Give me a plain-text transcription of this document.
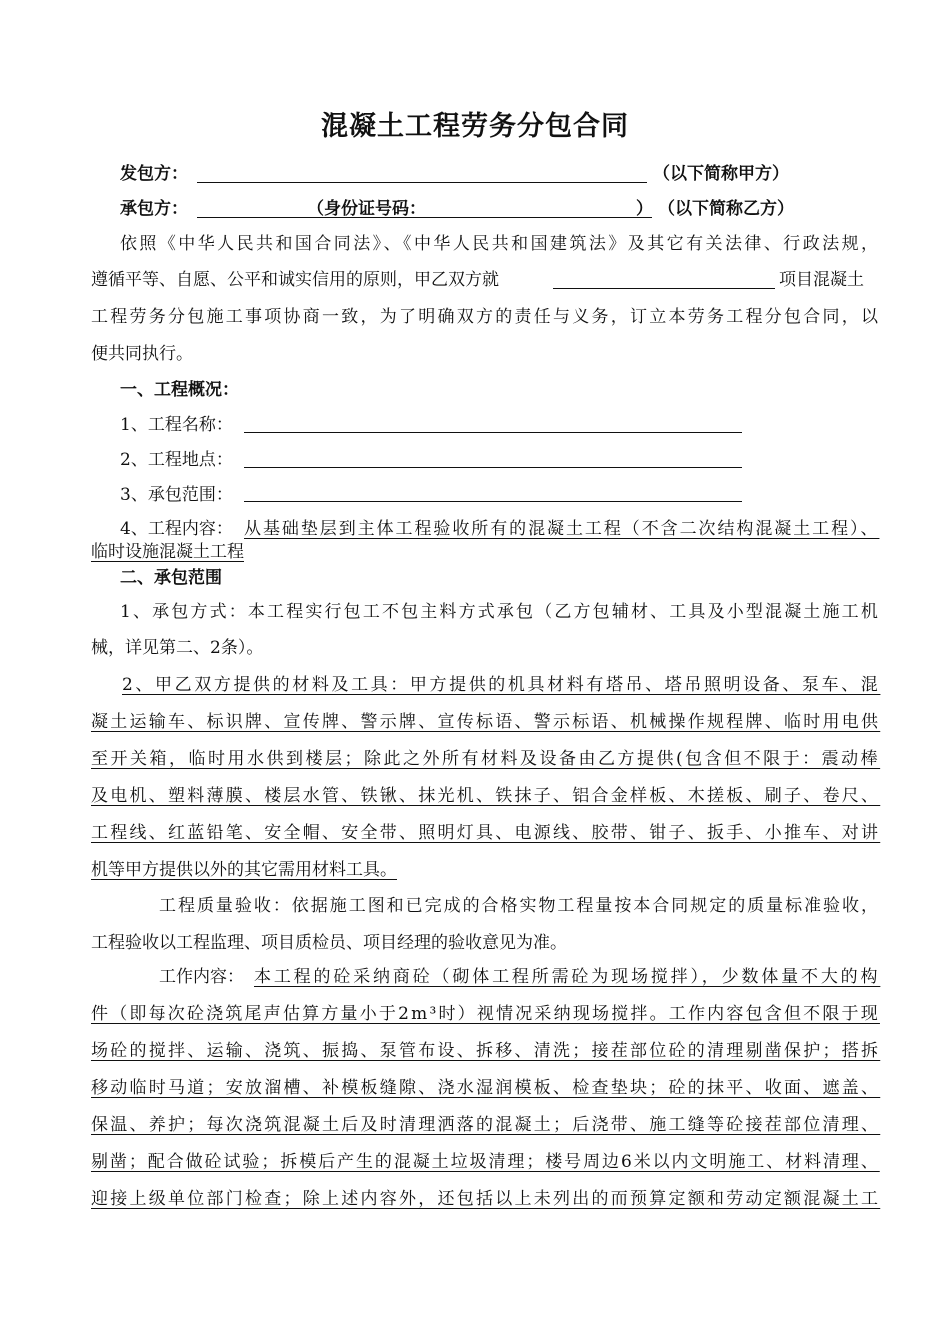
混凝土工程劳务分包合同
发包方：	（以下简称甲方）
承包方：	（身份证号码：	） （以下简称乙方）
依照《中华人民共和国合同法》、《中华人民共和国建筑法》及其它有关法律、行政法规，
遵循平等、自愿、公平和诚实信用的原则，甲乙双方就	项目混凝土
工程劳务分包施工事项协商一致，为了明确双方的责任与义务，订立本劳务工程分包合同，以
便共同执行。
一、工程概况：
1、工程名称：
2、工程地点：
3、承包范围：
4、工程内容： 从基础垫层到主体工程验收所有的混凝土工程（不含二次结构混凝土工程）、
临时设施混凝土工程
二、承包范围
1、承包方式：本工程实行包工不包主料方式承包（乙方包辅材、工具及小型混凝土施工机
械，详见第二、2条）。
2、甲乙双方提供的材料及工具：甲方提供的机具材料有塔吊、塔吊照明设备、泵车、混
凝土运输车、标识牌、宣传牌、警示牌、宣传标语、警示标语、机械操作规程牌、临时用电供
至开关箱，临时用水供到楼层；除此之外所有材料及设备由乙方提供(包含但不限于：震动棒
及电机、塑料薄膜、楼层水管、铁锹、抹光机、铁抹子、铝合金样板、木搓板、刷子、卷尺、
工程线、红蓝铅笔、安全帽、安全带、照明灯具、电源线、胶带、钳子、扳手、小推车、对讲
机等甲方提供以外的其它需用材料工具。
工程质量验收：依据施工图和已完成的合格实物工程量按本合同规定的质量标准验收，
工程验收以工程监理、项目质检员、项目经理的验收意见为准。
工作内容： 本工程的砼采纳商砼（砌体工程所需砼为现场搅拌），少数体量不大的构
件（即每次砼浇筑尾声估算方量小于2m³时）视情况采纳现场搅拌。工作内容包含但不限于现
场砼的搅拌、运输、浇筑、振捣、泵管布设、拆移、清洗；接茬部位砼的清理剔凿保护；搭拆
移动临时马道；安放溜槽、补模板缝隙、浇水湿润模板、检查垫块；砼的抹平、收面、遮盖、
保温、养护；每次浇筑混凝土后及时清理洒落的混凝土；后浇带、施工缝等砼接茬部位清理、
剔凿；配合做砼试验；拆模后产生的混凝土垃圾清理；楼号周边6米以内文明施工、材料清理、
迎接上级单位部门检查；除上述内容外，还包括以上未列出的而预算定额和劳动定额混凝土工
